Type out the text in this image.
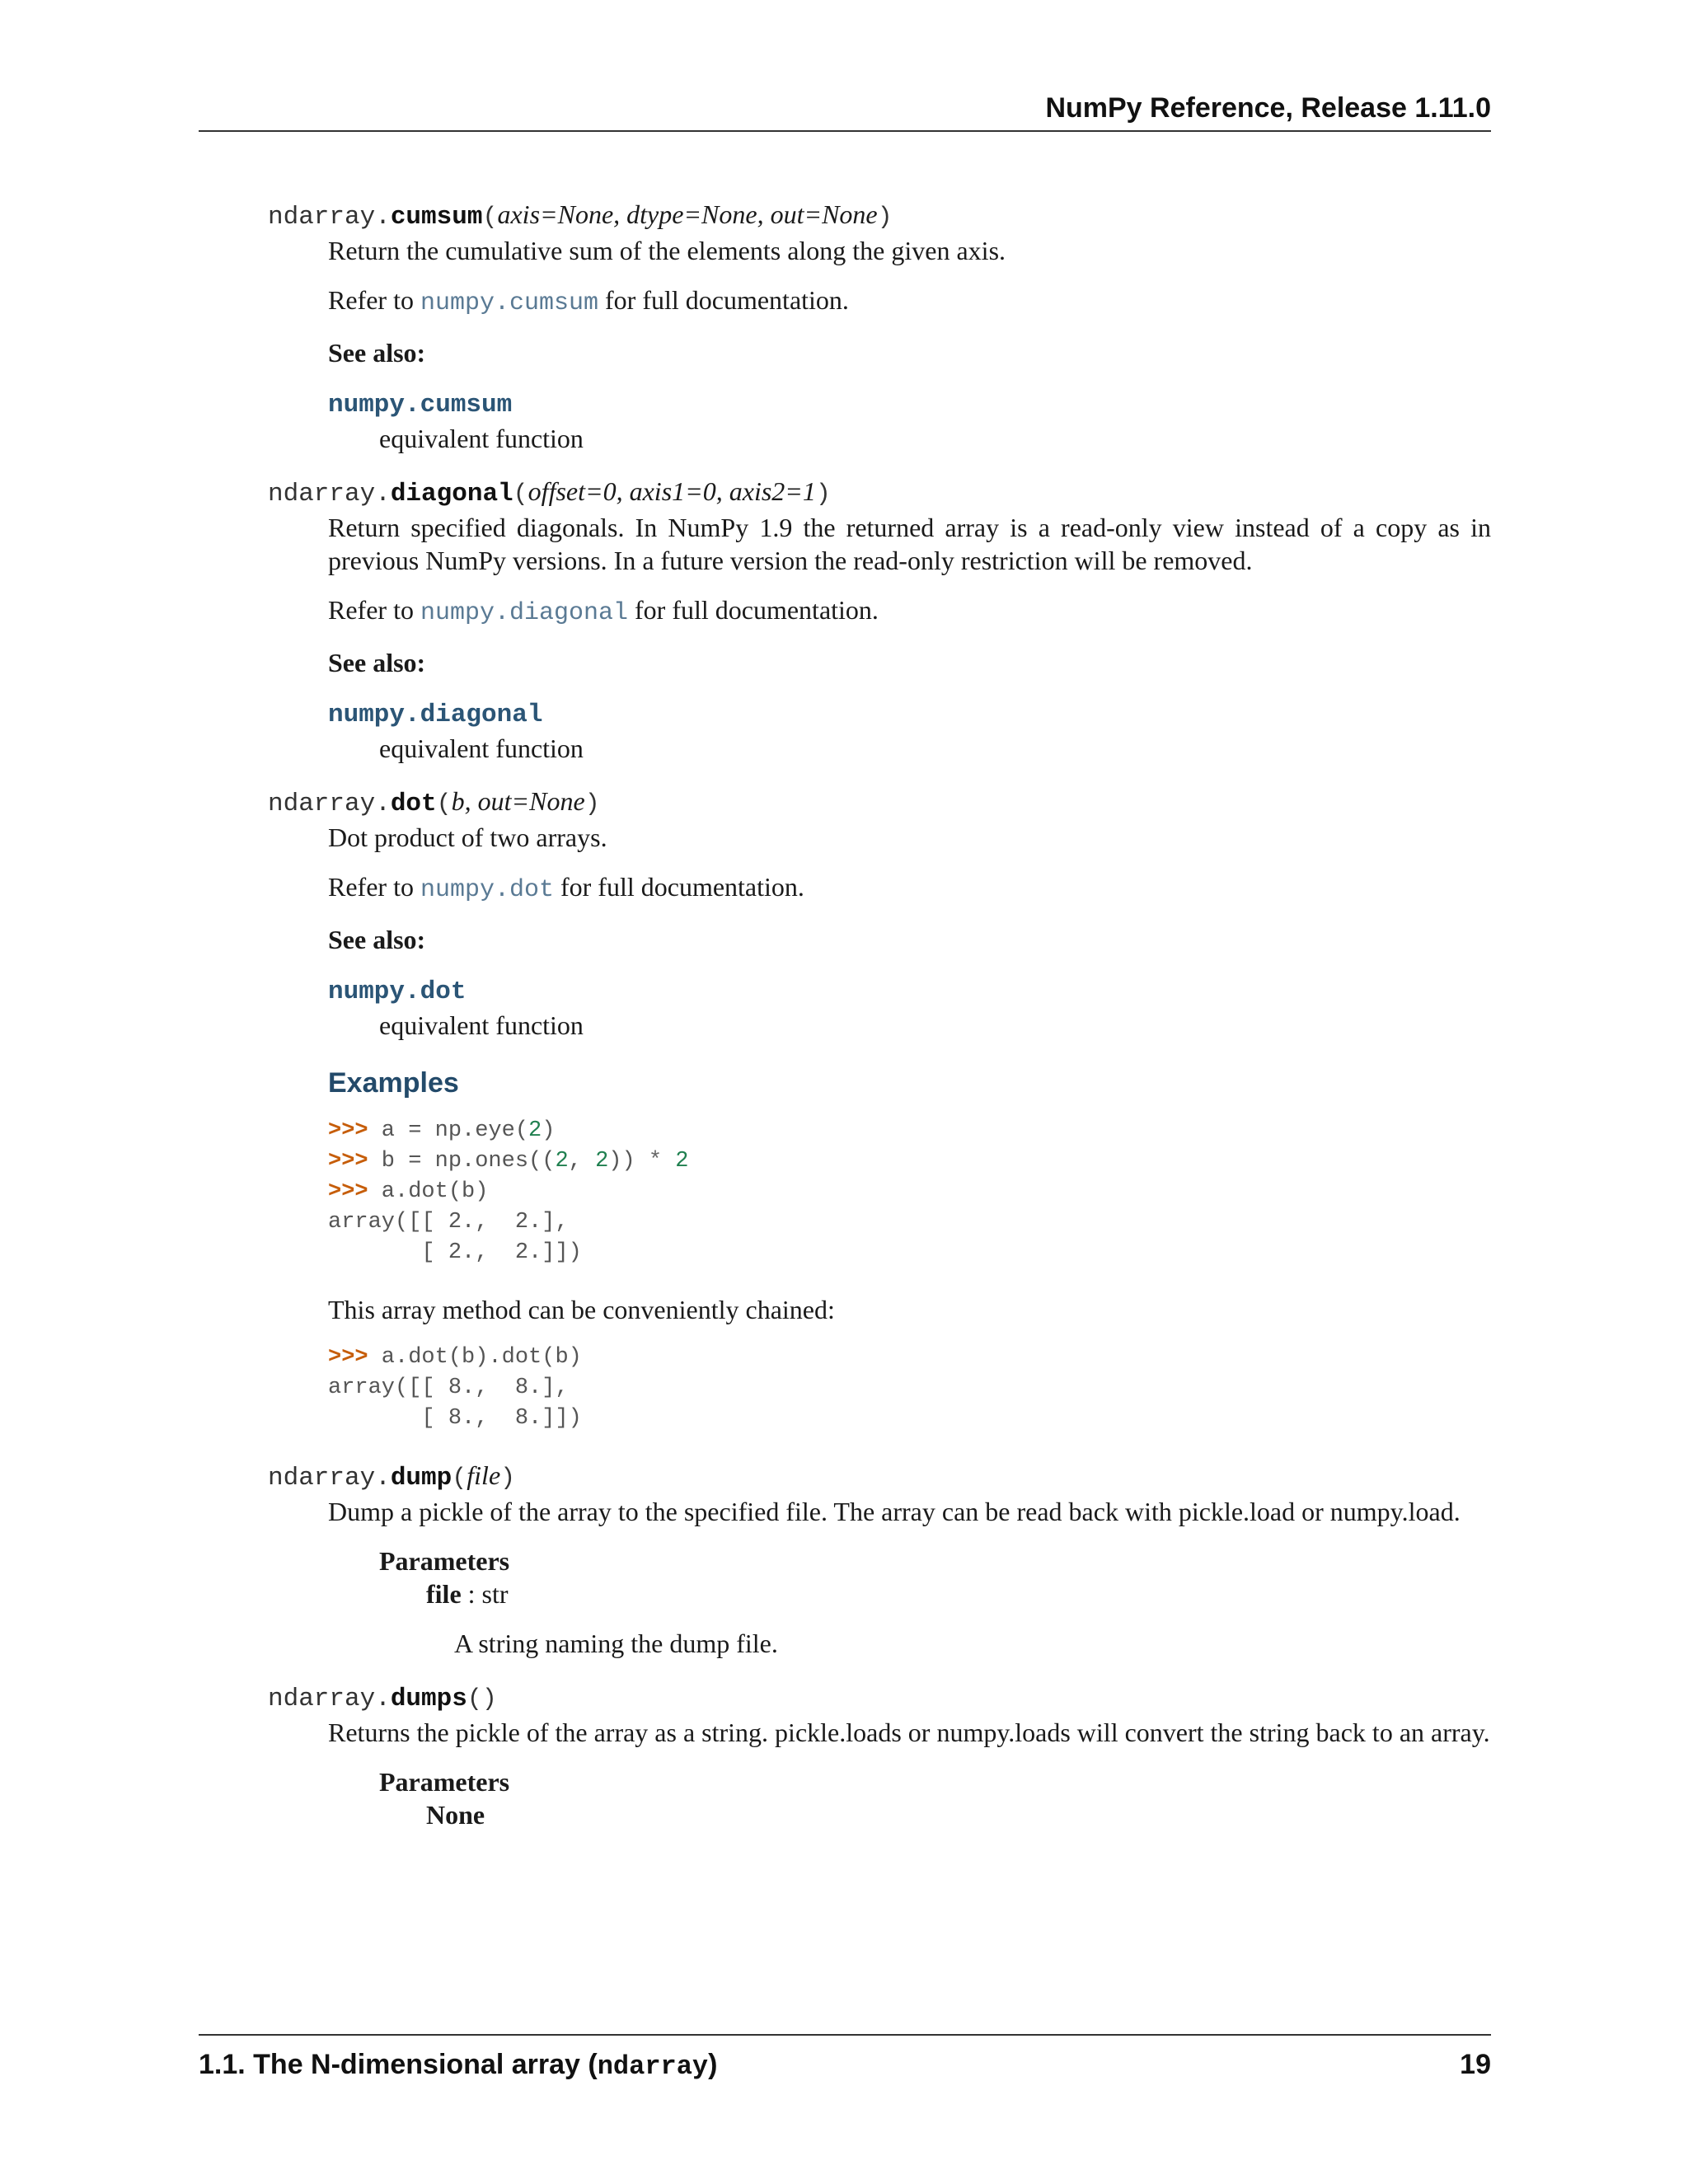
NumPy Reference, Release 1.11.0
ndarray.cumsum(axis=None, dtype=None, out=None)

Return the cumulative sum of the elements along the given axis.

Refer to numpy.cumsum for full documentation.

See also:

numpy.cumsum
equivalent function
ndarray.diagonal(offset=0, axis1=0, axis2=1)

Return specified diagonals. In NumPy 1.9 the returned array is a read-only view instead of a copy as in previous NumPy versions. In a future version the read-only restriction will be removed.

Refer to numpy.diagonal for full documentation.

See also:

numpy.diagonal
equivalent function
ndarray.dot(b, out=None)

Dot product of two arrays.

Refer to numpy.dot for full documentation.

See also:

numpy.dot
equivalent function
Examples
>>> a = np.eye(2)
>>> b = np.ones((2, 2)) * 2
>>> a.dot(b)
array([[ 2.,  2.],
[ 2.,  2.]])

This array method can be conveniently chained:

>>> a.dot(b).dot(b)
array([[ 8.,  8.],
[ 8.,  8.]])
ndarray.dump(file)

Dump a pickle of the array to the specified file. The array can be read back with pickle.load or numpy.load.

Parameters
file : str
A string naming the dump file.
ndarray.dumps()

Returns the pickle of the array as a string. pickle.loads or numpy.loads will convert the string back to an array.

Parameters
None
1.1. The N-dimensional array (ndarray)	19
